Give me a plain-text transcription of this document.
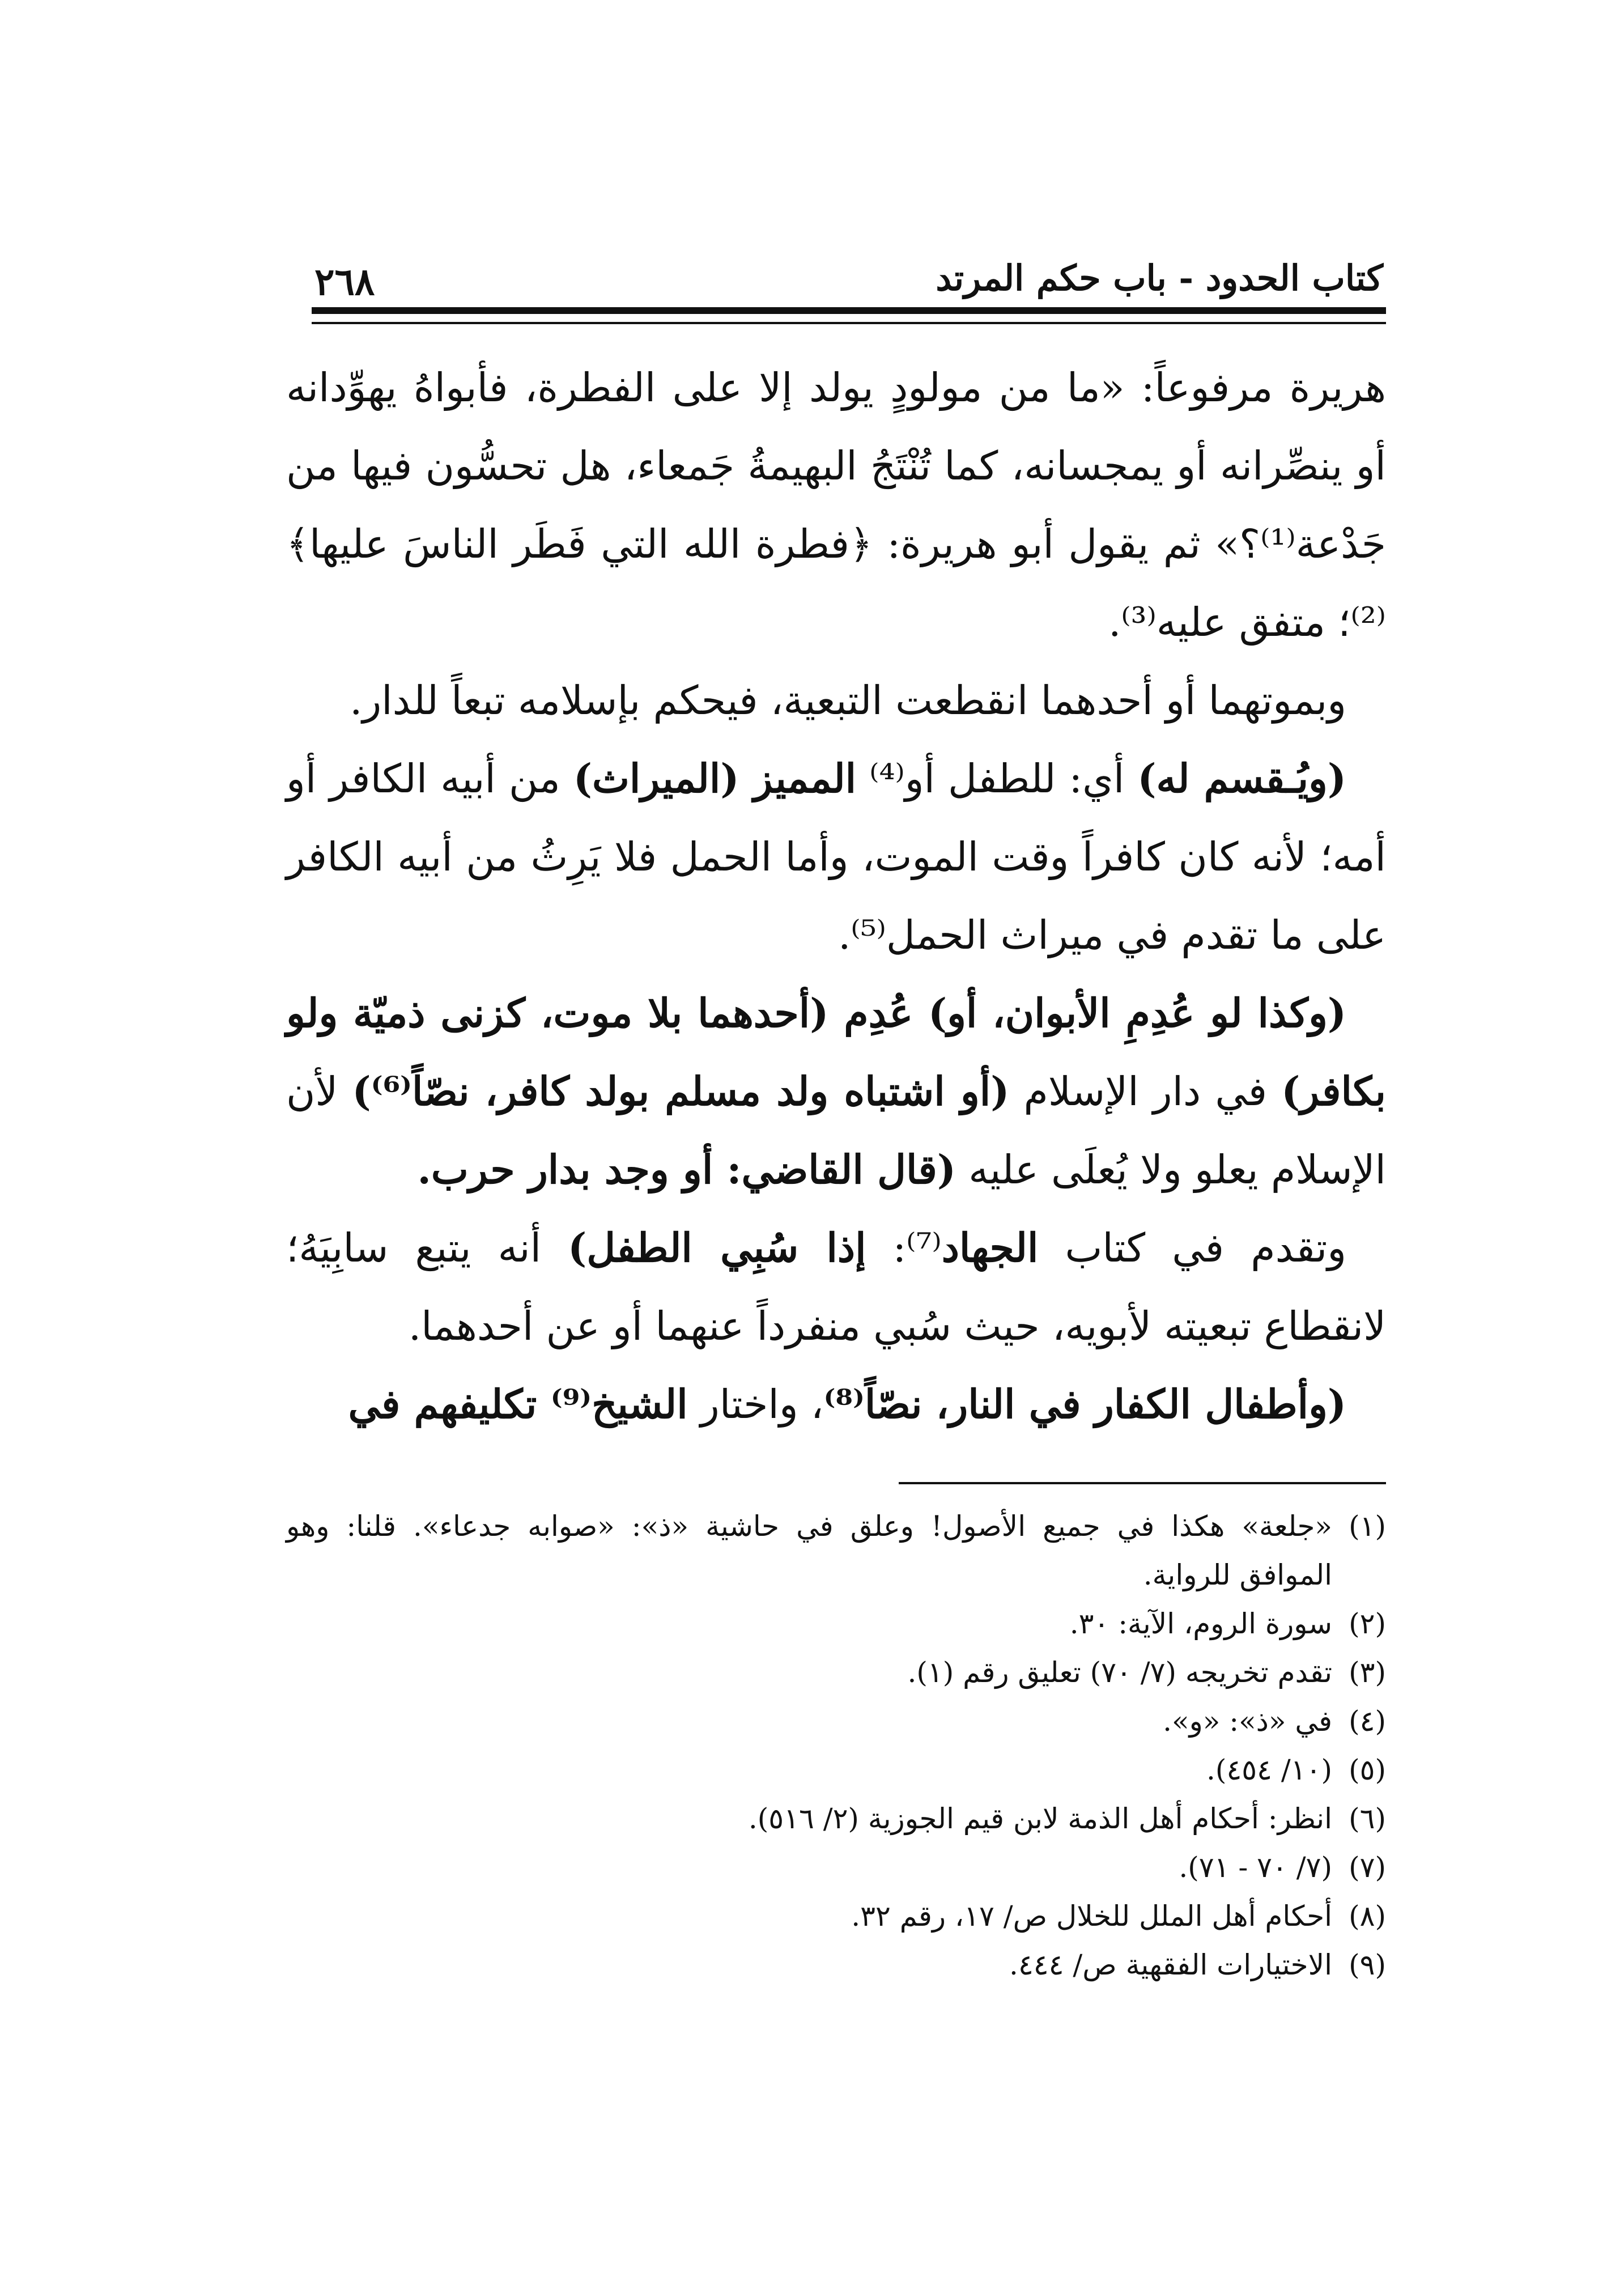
كتاب الحدود - باب حكم المرتد
٢٦٨

هريرة مرفوعاً: «ما من مولودٍ يولد إلا على الفطرة، فأبواهُ يهوِّدانه أو ينصِّرانه أو يمجسانه، كما تُنْتَجُ البهيمةُ جَمعاء، هل تحسُّون فيها من جَدْعة⁽¹⁾؟» ثم يقول أبو هريرة: ﴿فطرة الله التي فَطَر الناسَ عليها﴾⁽²⁾؛ متفق عليه⁽³⁾.

وبموتهما أو أحدهما انقطعت التبعية، فيحكم بإسلامه تبعاً للدار.

(ويُـقسم له) أي: للطفل أو⁽⁴⁾ المميز (الميراث) من أبيه الكافر أو أمه؛ لأنه كان كافراً وقت الموت، وأما الحمل فلا يَرِثُ من أبيه الكافر على ما تقدم في ميراث الحمل⁽⁵⁾.

(وكذا لو عُدِمِ الأبوان، أو) عُدِم (أحدهما بلا موت، كزنى ذميّة ولو بكافر) في دار الإسلام (أو اشتباه ولد مسلم بولد كافر، نصّاً⁽⁶⁾) لأن الإسلام يعلو ولا يُعلَى عليه (قال القاضي: أو وجد بدار حرب.

وتقدم في كتاب الجهاد⁽⁷⁾: إذا سُبِي الطفل) أنه يتبع سابِيَهُ؛ لانقطاع تبعيته لأبويه، حيث سُبي منفرداً عنهما أو عن أحدهما.

(وأطفال الكفار في النار، نصّاً⁽⁸⁾، واختار الشيخ⁽⁹⁾ تكليفهم في

(١)
«جلعة» هكذا في جميع الأصول! وعلق في حاشية «ذ»: «صوابه جدعاء». قلنا: وهو الموافق للرواية.
(٢)
سورة الروم، الآية: ٣٠.
(٣)
تقدم تخريجه (٧/ ٧٠) تعليق رقم (١).
(٤)
في «ذ»: «و».
(٥)
(١٠/ ٤٥٤).
(٦)
انظر: أحكام أهل الذمة لابن قيم الجوزية (٢/ ٥١٦).
(٧)
(٧/ ٧٠ - ٧١).
(٨)
أحكام أهل الملل للخلال ص/ ١٧، رقم ٣٢.
(٩)
الاختيارات الفقهية ص/ ٤٤٤.
